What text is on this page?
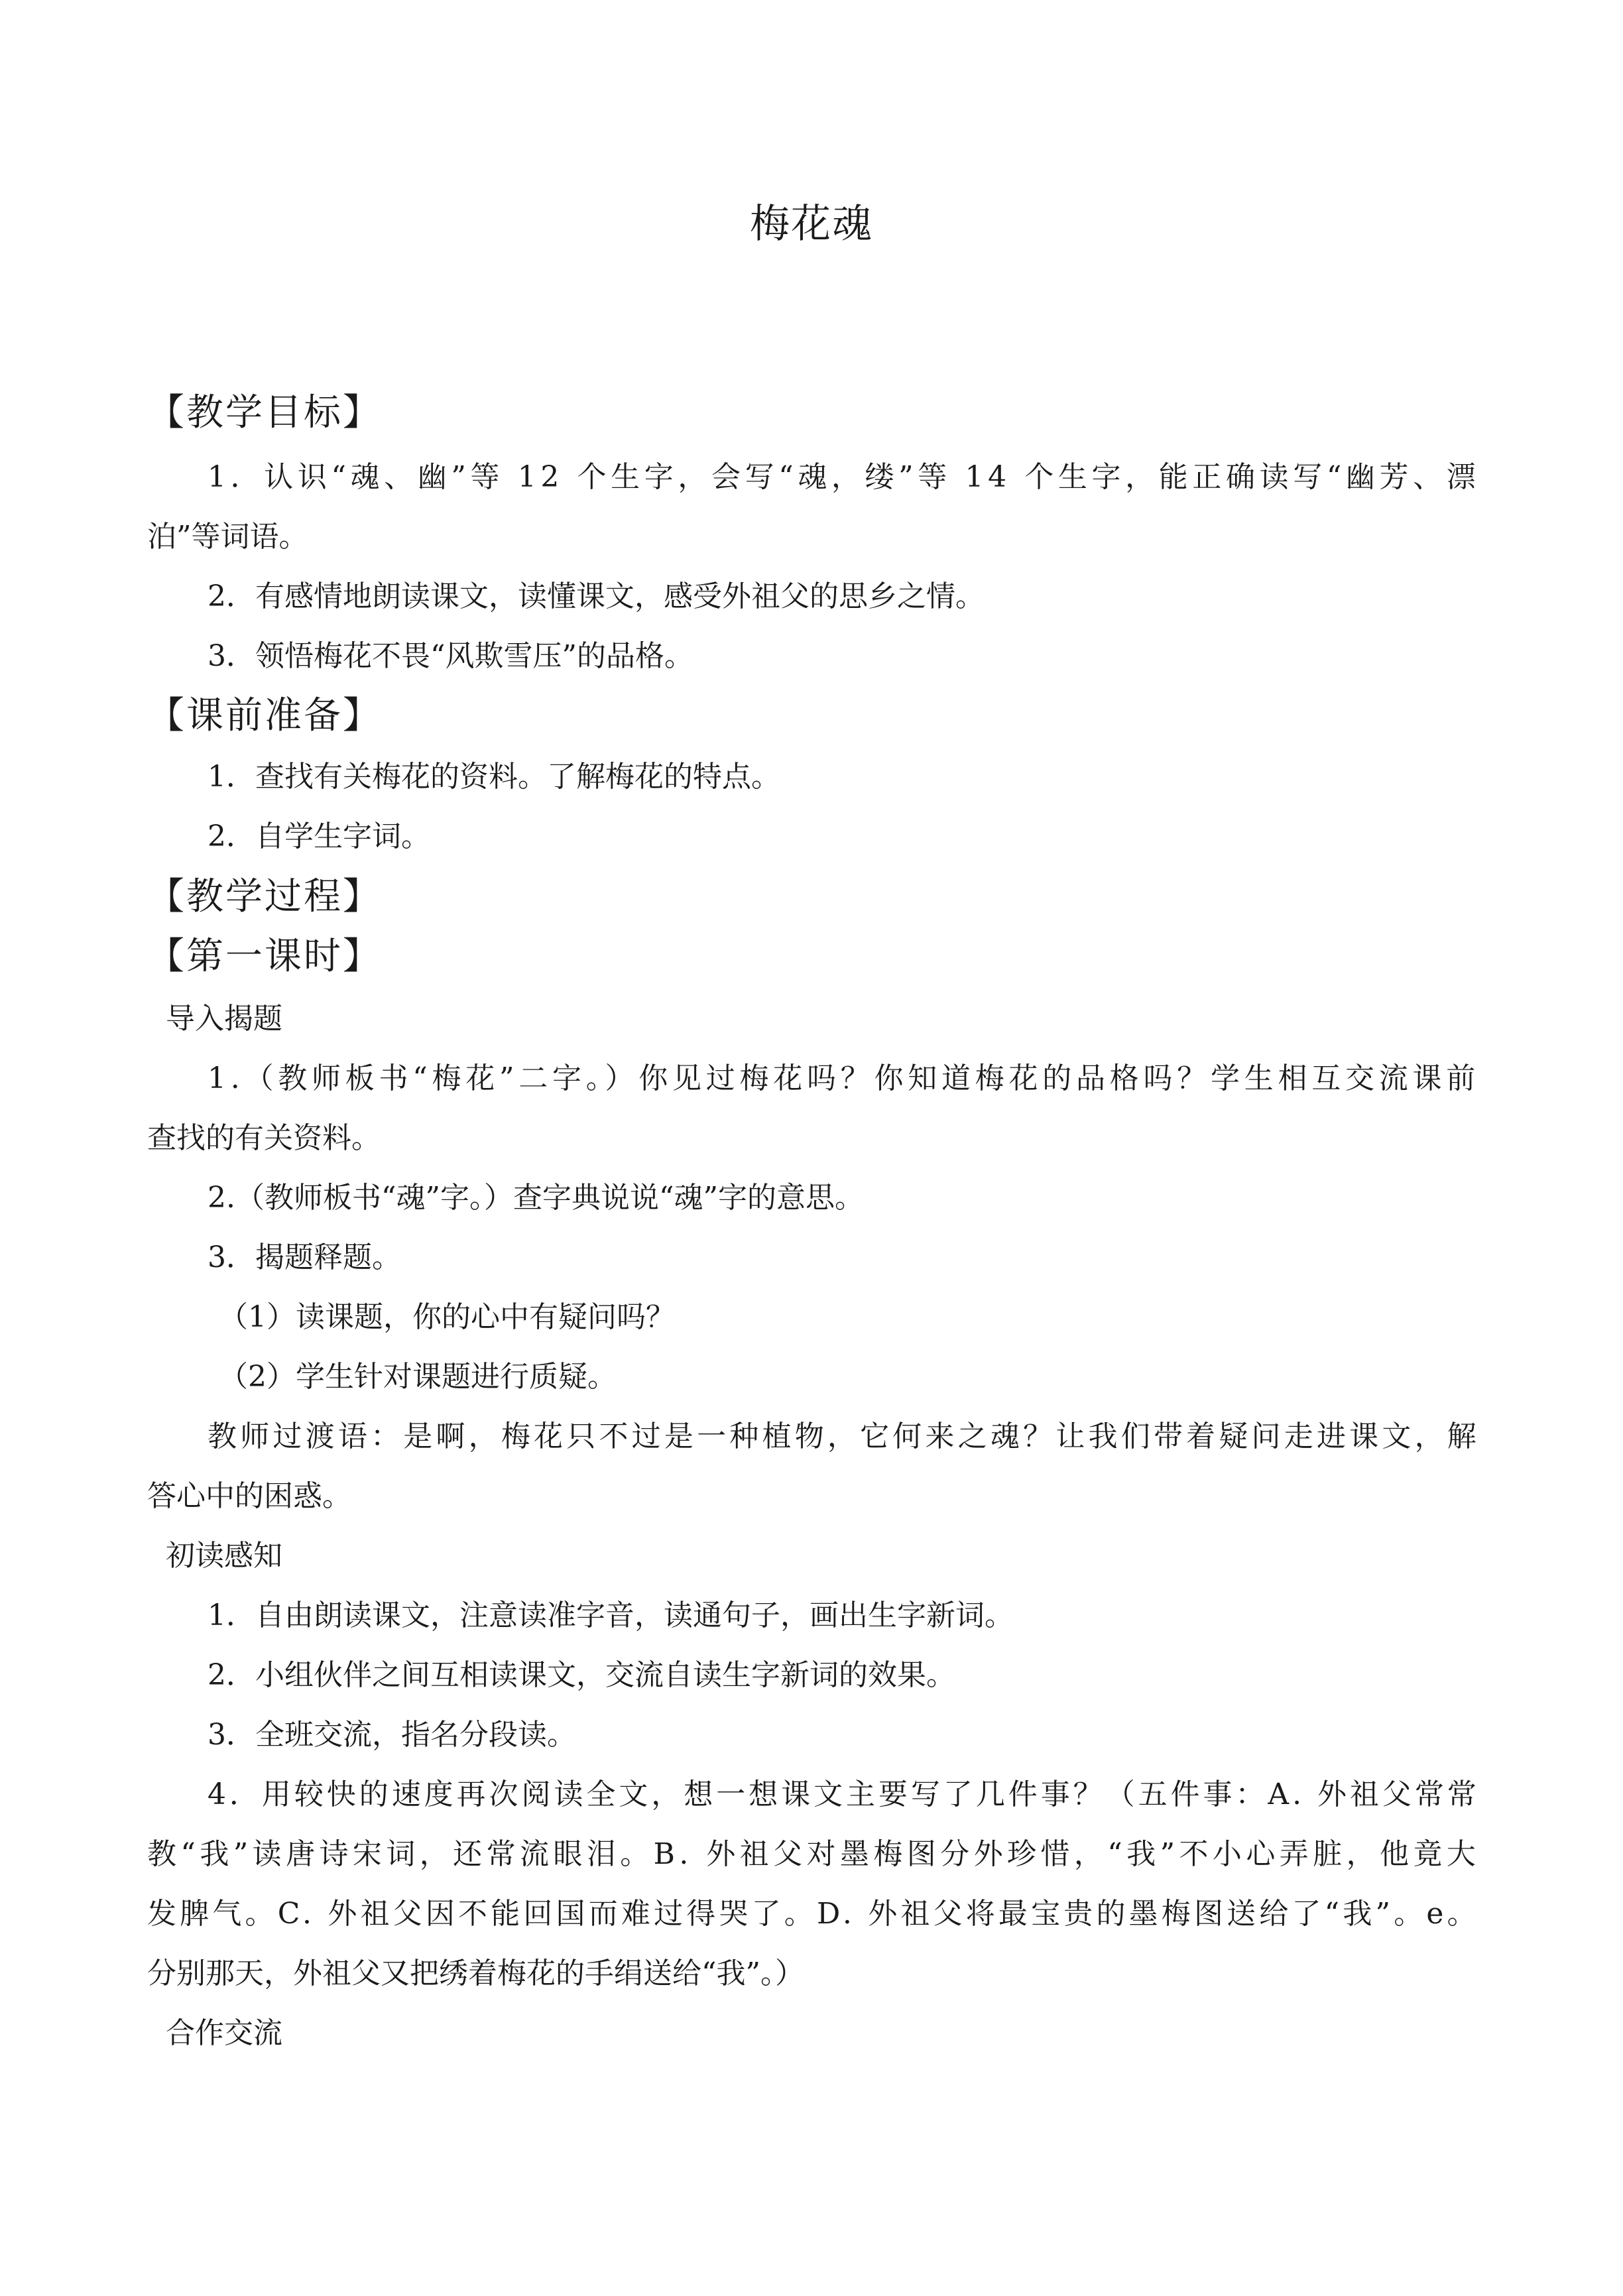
梅花魂
【教学目标】
1．认识“魂、幽”等 12 个生字，会写“魂，缕”等 14 个生字，能正确读写“幽芳、漂
泊”等词语。
2．有感情地朗读课文，读懂课文，感受外祖父的思乡之情。
3．领悟梅花不畏“风欺雪压”的品格。
【课前准备】
1．查找有关梅花的资料。了解梅花的特点。
2．自学生字词。
【教学过程】
【第一课时】
导入揭题
1.（教师板书“梅花”二字。）你见过梅花吗？你知道梅花的品格吗？学生相互交流课前
查找的有关资料。
2.（教师板书“魂”字。）查字典说说“魂”字的意思。
3．揭题释题。
（1）读课题，你的心中有疑问吗？
（2）学生针对课题进行质疑。
教师过渡语：是啊，梅花只不过是一种植物，它何来之魂？让我们带着疑问走进课文，解
答心中的困惑。
初读感知
1．自由朗读课文，注意读准字音，读通句子，画出生字新词。
2．小组伙伴之间互相读课文，交流自读生字新词的效果。
3．全班交流，指名分段读。
4．用较快的速度再次阅读全文，想一想课文主要写了几件事？（五件事：A. 外祖父常常
教“我”读唐诗宋词，还常流眼泪。B. 外祖父对墨梅图分外珍惜，“我”不小心弄脏，他竟大
发脾气。C. 外祖父因不能回国而难过得哭了。D. 外祖父将最宝贵的墨梅图送给了“我”。e。
分别那天，外祖父又把绣着梅花的手绢送给“我”。）
合作交流
